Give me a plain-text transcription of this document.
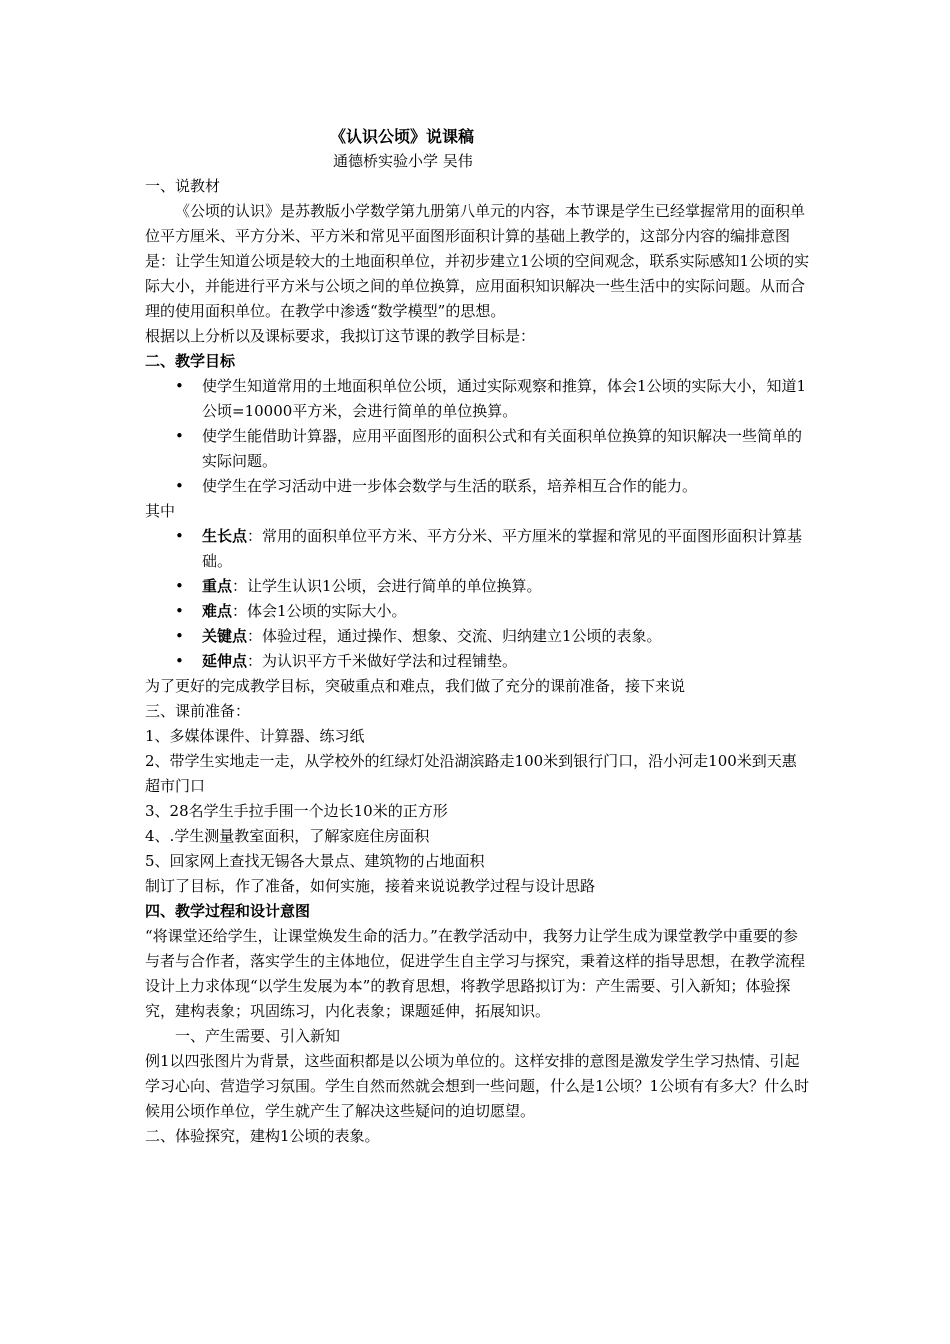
《认识公顷》说课稿

通德桥实验小学 吴伟

一、说教材

《公顷的认识》是苏教版小学数学第九册第八单元的内容，本节课是学生已经掌握常用的面积单位平方厘米、平方分米、平方米和常见平面图形面积计算的基础上教学的，这部分内容的编排意图是：让学生知道公顷是较大的土地面积单位，并初步建立1公顷的空间观念，联系实际感知1公顷的实际大小，并能进行平方米与公顷之间的单位换算，应用面积知识解决一些生活中的实际问题。从而合理的使用面积单位。在教学中渗透“数学模型”的思想。

根据以上分析以及课标要求，我拟订这节课的教学目标是：

二、教学目标

•	使学生知道常用的土地面积单位公顷，通过实际观察和推算，体会1公顷的实际大小，知道1公顷=10000平方米，会进行简单的单位换算。
•	使学生能借助计算器，应用平面图形的面积公式和有关面积单位换算的知识解决一些简单的实际问题。
•	使学生在学习活动中进一步体会数学与生活的联系，培养相互合作的能力。

其中

•	生长点：常用的面积单位平方米、平方分米、平方厘米的掌握和常见的平面图形面积计算基础。
•	重点：让学生认识1公顷，会进行简单的单位换算。
•	难点：体会1公顷的实际大小。
•	关键点：体验过程，通过操作、想象、交流、归纳建立1公顷的表象。
•	延伸点：为认识平方千米做好学法和过程铺垫。

为了更好的完成教学目标，突破重点和难点，我们做了充分的课前准备，接下来说

三、课前准备：

1、多媒体课件、计算器、练习纸

2、带学生实地走一走，从学校外的红绿灯处沿湖滨路走100米到银行门口，沿小河走100米到天惠超市门口

3、28名学生手拉手围一个边长10米的正方形

4、.学生测量教室面积，了解家庭住房面积

5、回家网上查找无锡各大景点、建筑物的占地面积

制订了目标，作了准备，如何实施，接着来说说教学过程与设计思路

四、教学过程和设计意图

“将课堂还给学生，让课堂焕发生命的活力。”在教学活动中，我努力让学生成为课堂教学中重要的参与者与合作者，落实学生的主体地位，促进学生自主学习与探究，秉着这样的指导思想，在教学流程设计上力求体现“以学生发展为本”的教育思想，将教学思路拟订为：产生需要、引入新知；体验探究，建构表象；巩固练习，内化表象；课题延伸，拓展知识。

一、产生需要、引入新知

例1以四张图片为背景，这些面积都是以公顷为单位的。这样安排的意图是激发学生学习热情、引起学习心向、营造学习氛围。学生自然而然就会想到一些问题，什么是1公顷？1公顷有有多大？什么时候用公顷作单位，学生就产生了解决这些疑问的迫切愿望。

二、体验探究，建构1公顷的表象。
